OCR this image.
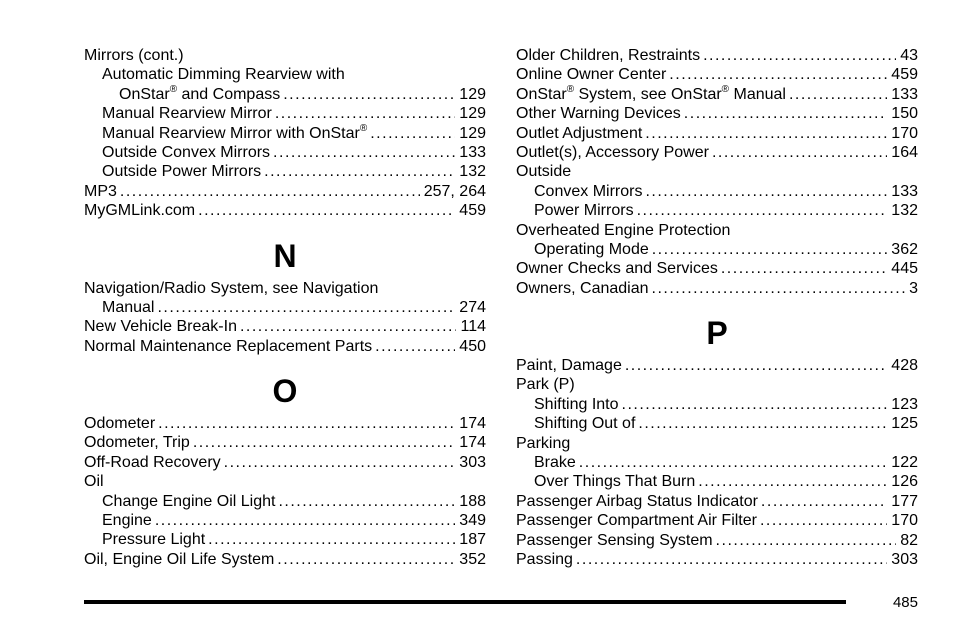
Mirrors (cont.)
Automatic Dimming Rearview with
OnStar® and Compass .....	129
Manual Rearview Mirror .....	129
Manual Rearview Mirror with OnStar® .....	129
Outside Convex Mirrors .....	133
Outside Power Mirrors .....	132
MP3 .....	257, 264
MyGMLink.com .....	459
N
Navigation/Radio System, see Navigation
Manual .....	274
New Vehicle Break-In .....	114
Normal Maintenance Replacement Parts .....	450
O
Odometer .....	174
Odometer, Trip .....	174
Off-Road Recovery .....	303
Oil
Change Engine Oil Light .....	188
Engine .....	349
Pressure Light .....	187
Oil, Engine Oil Life System .....	352
Older Children, Restraints .....	43
Online Owner Center .....	459
OnStar® System, see OnStar® Manual .....	133
Other Warning Devices .....	150
Outlet Adjustment .....	170
Outlet(s), Accessory Power .....	164
Outside
Convex Mirrors .....	133
Power Mirrors .....	132
Overheated Engine Protection
Operating Mode .....	362
Owner Checks and Services .....	445
Owners, Canadian .....	3
P
Paint, Damage .....	428
Park (P)
Shifting Into .....	123
Shifting Out of .....	125
Parking
Brake .....	122
Over Things That Burn .....	126
Passenger Airbag Status Indicator .....	177
Passenger Compartment Air Filter .....	170
Passenger Sensing System .....	82
Passing .....	303
485
